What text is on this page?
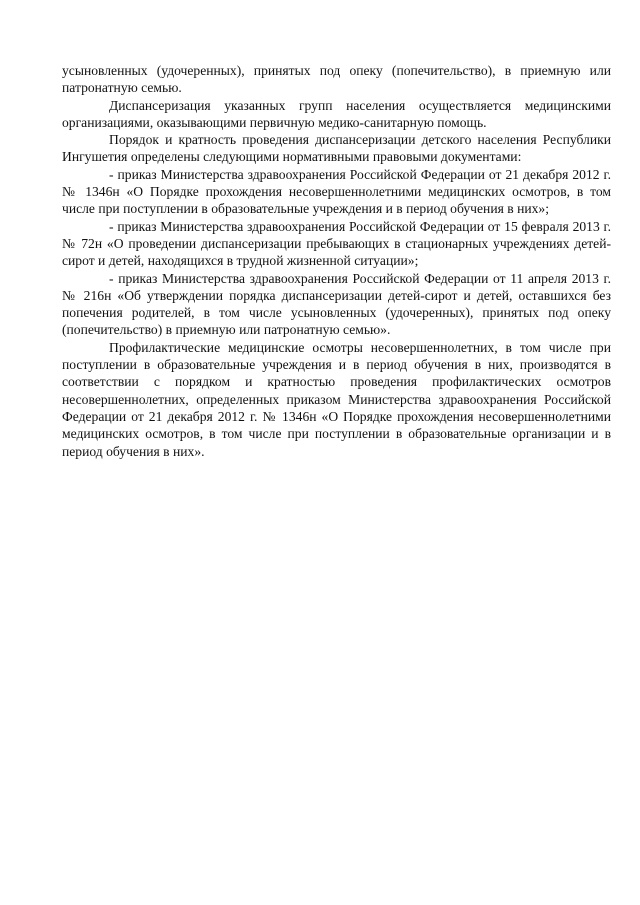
усыновленных (удочеренных), принятых под опеку (попечительство), в приемную или патронатную семью.

Диспансеризация указанных групп населения осуществляется медицинскими организациями, оказывающими первичную медико-санитарную помощь.

Порядок и кратность проведения диспансеризации детского населения Республики Ингушетия определены следующими нормативными правовыми документами:

- приказ Министерства здравоохранения Российской Федерации от 21 декабря 2012 г. № 1346н «О Порядке прохождения несовершеннолетними медицинских осмотров, в том числе при поступлении в образовательные учреждения и в период обучения в них»;

- приказ Министерства здравоохранения Российской Федерации от 15 февраля 2013 г. № 72н «О проведении диспансеризации пребывающих в стационарных учреждениях детей-сирот и детей, находящихся в трудной жизненной ситуации»;

- приказ Министерства здравоохранения Российской Федерации от 11 апреля 2013 г. № 216н «Об утверждении порядка диспансеризации детей-сирот и детей, оставшихся без попечения родителей, в том числе усыновленных (удочеренных), принятых под опеку (попечительство) в приемную или патронатную семью».

Профилактические медицинские осмотры несовершеннолетних, в том числе при поступлении в образовательные учреждения и в период обучения в них, производятся в соответствии с порядком и кратностью проведения профилактических осмотров несовершеннолетних, определенных приказом Министерства здравоохранения Российской Федерации от 21 декабря 2012 г. № 1346н «О Порядке прохождения несовершеннолетними медицинских осмотров, в том числе при поступлении в образовательные организации и в период обучения в них».
